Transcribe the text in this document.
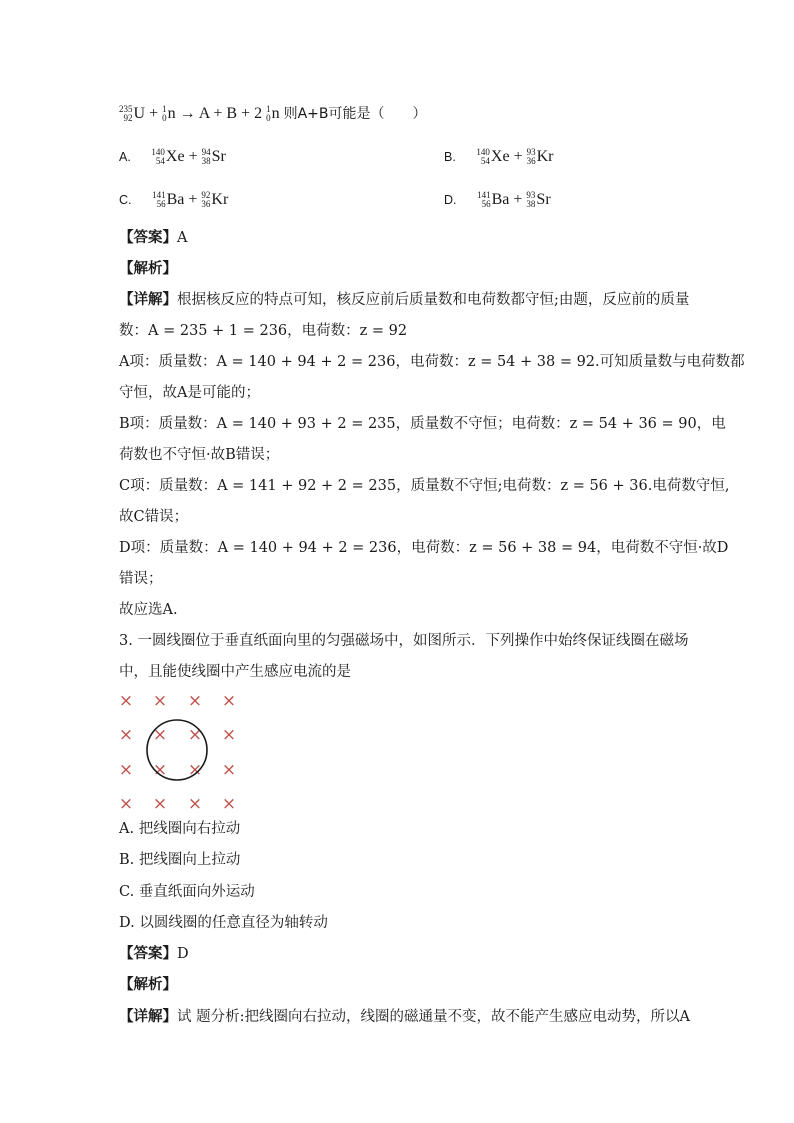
235
92 U + 1
0 n → A + B + 2 1
0 n 则A+B可能是（　　）
A. 140
54 Xe + 94
38 Sr	B. 140
54 Xe + 93
36 Kr
C. 141
56 Ba + 92
36 Kr	D. 141
56 Ba + 93
38 Sr
【答案】A
【解析】
【详解】根据核反应的特点可知，核反应前后质量数和电荷数都守恒;由题，反应前的质量
数：A = 235 + 1 = 236，电荷数：z = 92
A项：质量数：A = 140 + 94 + 2 = 236，电荷数：z = 54 + 38 = 92.可知质量数与电荷数都
守恒，故A是可能的；
B项：质量数：A = 140 + 93 + 2 = 235，质量数不守恒；电荷数：z = 54 + 36 = 90，电
荷数也不守恒·故B错误；
C项：质量数：A = 141 + 92 + 2 = 235，质量数不守恒;电荷数：z = 56 + 36.电荷数守恒,
故C错误；
D项：质量数：A = 140 + 94 + 2 = 236，电荷数：z = 56 + 38 = 94，电荷数不守恒·故D
错误；
故应选A.
3. 一圆线圈位于垂直纸面向里的匀强磁场中，如图所示．下列操作中始终保证线圈在磁场
中，且能使线圈中产生感应电流的是
× × × ×
× × × ×
× × × ×
× × × ×
A. 把线圈向右拉动
B. 把线圈向上拉动
C. 垂直纸面向外运动
D. 以圆线圈的任意直径为轴转动
【答案】D
【解析】
【详解】试 题分析:把线圈向右拉动，线圈的磁通量不变，故不能产生感应电动势，所以A
